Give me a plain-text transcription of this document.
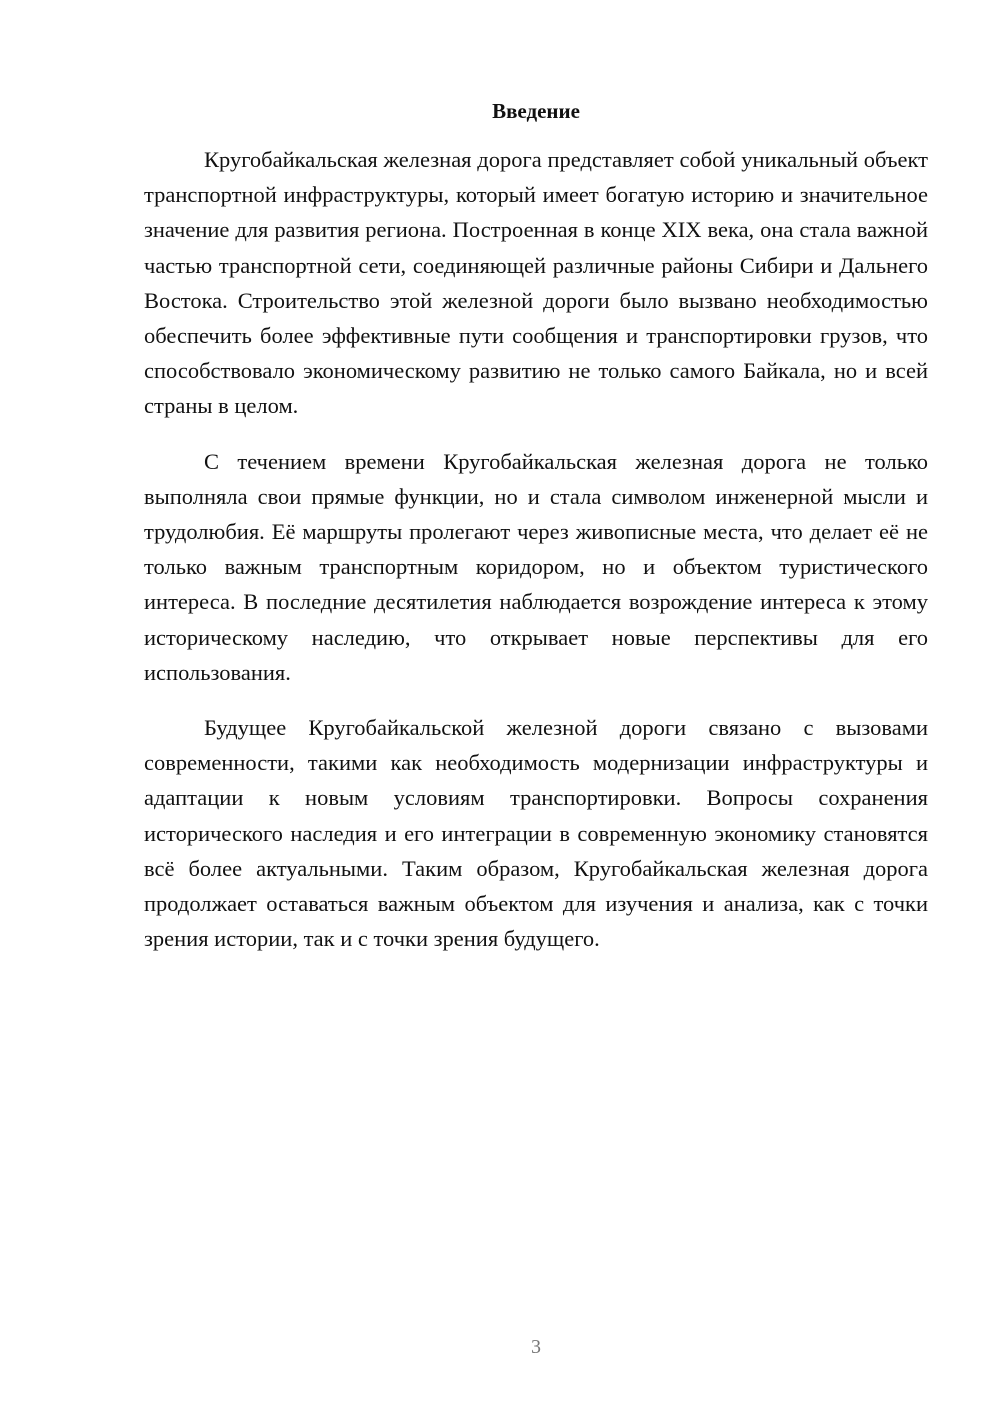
Введение

Кругобайкальская железная дорога представляет собой уникальный объект транспортной инфраструктуры, который имеет богатую историю и значительное значение для развития региона. Построенная в конце XIX века, она стала важной частью транспортной сети, соединяющей различные районы Сибири и Дальнего Востока. Строительство этой железной дороги было вызвано необходимостью обеспечить более эффективные пути сообщения и транспортировки грузов, что способствовало экономическому развитию не только самого Байкала, но и всей страны в целом.

С течением времени Кругобайкальская железная дорога не только выполняла свои прямые функции, но и стала символом инженерной мысли и трудолюбия. Её маршруты пролегают через живописные места, что делает её не только важным транспортным коридором, но и объектом туристического интереса. В последние десятилетия наблюдается возрождение интереса к этому историческому наследию, что открывает новые перспективы для его использования.

Будущее Кругобайкальской железной дороги связано с вызовами современности, такими как необходимость модернизации инфраструктуры и адаптации к новым условиям транспортировки. Вопросы сохранения исторического наследия и его интеграции в современную экономику становятся всё более актуальными. Таким образом, Кругобайкальская железная дорога продолжает оставаться важным объектом для изучения и анализа, как с точки зрения истории, так и с точки зрения будущего.

3
